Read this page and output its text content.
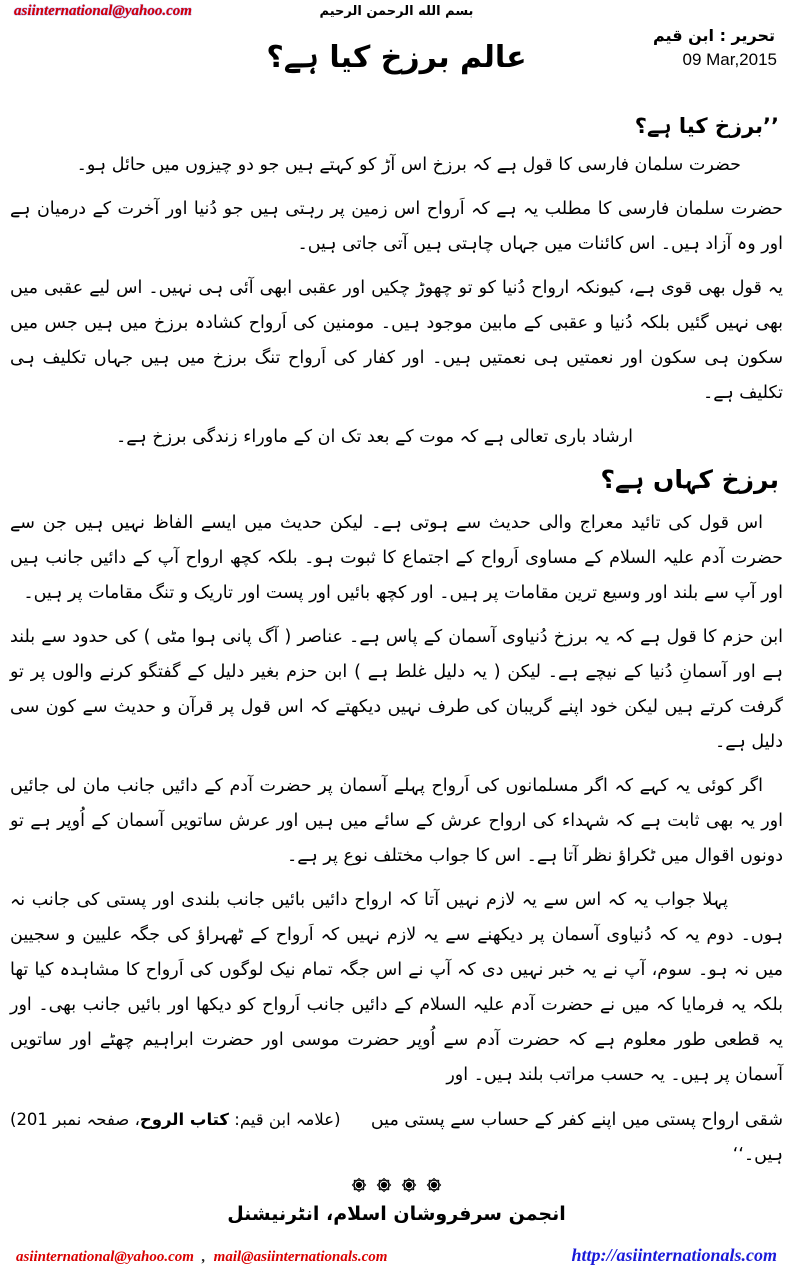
asiinternational@yahoo.com	بسم الله الرحمن الرحيم
تحریر : ابن قیم
09 Mar,2015
عالم برزخ کیا ہے؟
’’برزخ کیا ہے؟

حضرت سلمان فارسی کا قول ہے کہ برزخ اس آڑ کو کہتے ہیں جو دو چیزوں میں حائل ہو۔

حضرت سلمان فارسی کا مطلب یہ ہے کہ اَرواح اس زمین پر رہتی ہیں جو دُنیا اور آخرت کے درمیان ہے اور وہ آزاد ہیں۔ اس کائنات میں جہاں چاہتی ہیں آتی جاتی ہیں۔

یہ قول بھی قوی ہے، کیونکہ ارواح دُنیا کو تو چھوڑ چکیں اور عقبی ابھی آئی ہی نہیں۔ اس لیے عقبی میں بھی نہیں گئیں بلکہ دُنیا و عقبی کے مابین موجود ہیں۔ مومنین کی اَرواح کشادہ برزخ میں ہیں جس میں سکون ہی سکون اور نعمتیں ہی نعمتیں ہیں۔ اور کفار کی اَرواح تنگ برزخ میں ہیں جہاں تکلیف ہی تکلیف ہے۔

ارشاد باری تعالی ہے کہ موت کے بعد تک ان کے ماوراء زندگی برزخ ہے۔

برزخ کہاں ہے؟

اس قول کی تائید معراج والی حدیث سے ہوتی ہے۔ لیکن حدیث میں ایسے الفاظ نہیں ہیں جن سے حضرت آدم علیہ السلام کے مساوی اَرواح کے اجتماع کا ثبوت ہو۔ بلکہ کچھ ارواح آپ کے دائیں جانب ہیں اور آپ سے بلند اور وسیع ترین مقامات پر ہیں۔ اور کچھ بائیں اور پست اور تاریک و تنگ مقامات پر ہیں۔

ابن حزم کا قول ہے کہ یہ برزخ دُنیاوی آسمان کے پاس ہے۔ عناصر ( آگ پانی ہوا مٹی ) کی حدود سے بلند ہے اور آسمانِ دُنیا کے نیچے ہے۔ لیکن ( یہ دلیل غلط ہے ) ابن حزم بغیر دلیل کے گفتگو کرنے والوں پر تو گرفت کرتے ہیں لیکن خود اپنے گریبان کی طرف نہیں دیکھتے کہ اس قول پر قرآن و حدیث سے کون سی دلیل ہے۔

اگر کوئی یہ کہے کہ اگر مسلمانوں کی اَرواح پہلے آسمان پر حضرت آدم کے دائیں جانب مان لی جائیں اور یہ بھی ثابت ہے کہ شہداء کی ارواح عرش کے سائے میں ہیں اور عرش ساتویں آسمان کے اُوپر ہے تو دونوں اقوال میں ٹکراؤ نظر آتا ہے۔ اس کا جواب مختلف نوع پر ہے۔

پہلا جواب یہ کہ اس سے یہ لازم نہیں آتا کہ ارواح دائیں بائیں جانب بلندی اور پستی کی جانب نہ ہوں۔ دوم یہ کہ دُنیاوی آسمان پر دیکھنے سے یہ لازم نہیں کہ اَرواح کے ٹھہراؤ کی جگہ علیین و سجیین میں نہ ہو۔ سوم، آپ نے یہ خبر نہیں دی کہ آپ نے اس جگہ تمام نیک لوگوں کی اَرواح کا مشاہدہ کیا تھا بلکہ یہ فرمایا کہ میں نے حضرت آدم علیہ السلام کے دائیں جانب اَرواح کو دیکھا اور بائیں جانب بھی۔ اور یہ قطعی طور معلوم ہے کہ حضرت آدم سے اُوپر حضرت موسی اور حضرت ابراہیم چھٹے اور ساتویں آسمان پر ہیں۔ یہ حسب مراتب بلند ہیں۔ اور

شقی ارواح پستی میں اپنے کفر کے حساب سے پستی میں ہیں۔‘‘
(علامہ ابن قیم: کتاب الروح، صفحہ نمبر 201)
انجمن سرفروشان اسلام، انٹرنیشنل
asiinternational@yahoo.com , mail@asiinternationals.com	http://asiinternationals.com
